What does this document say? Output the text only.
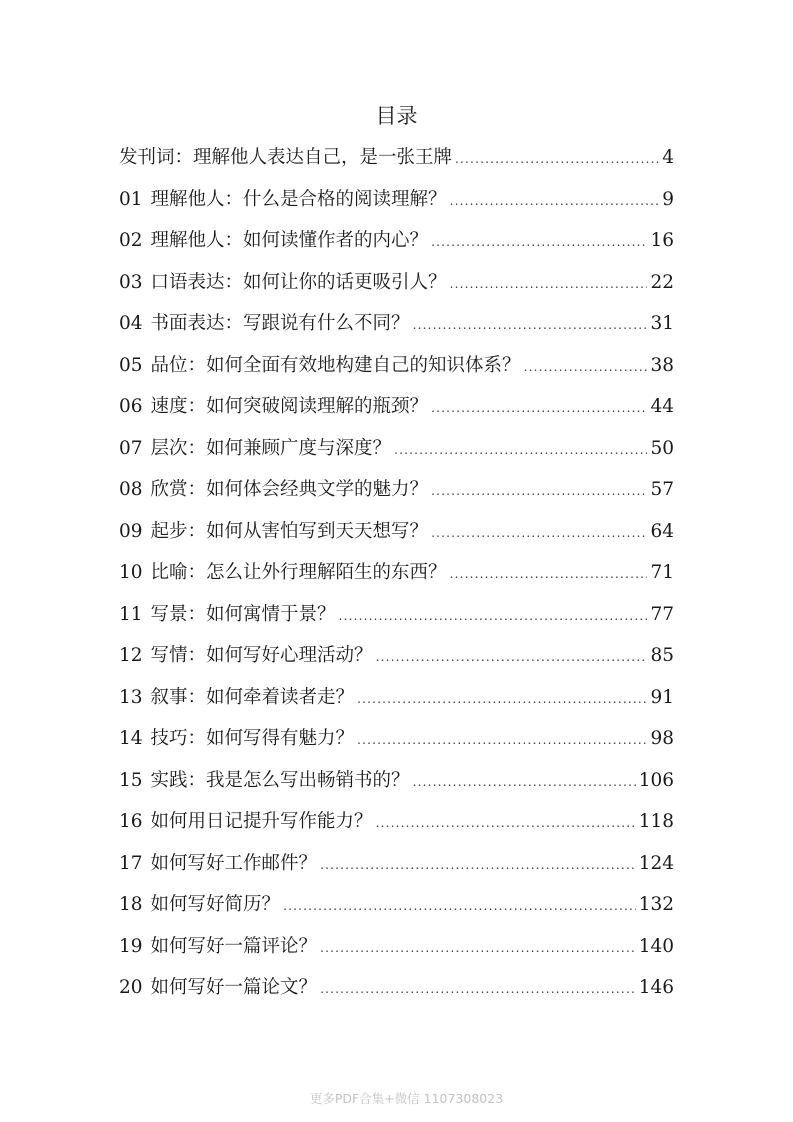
目录
发刊词：理解他人表达自己，是一张王牌 .....	4
01 理解他人：什么是合格的阅读理解？ .....	9
02 理解他人：如何读懂作者的内心？ .....	16
03 口语表达：如何让你的话更吸引人？ .....	22
04 书面表达：写跟说有什么不同？ .....	31
05 品位：如何全面有效地构建自己的知识体系？ .....	38
06 速度：如何突破阅读理解的瓶颈？ .....	44
07 层次：如何兼顾广度与深度？ .....	50
08 欣赏：如何体会经典文学的魅力？ .....	57
09 起步：如何从害怕写到天天想写？ .....	64
10 比喻：怎么让外行理解陌生的东西？ .....	71
11 写景：如何寓情于景？ .....	77
12 写情：如何写好心理活动？ .....	85
13 叙事：如何牵着读者走？ .....	91
14 技巧：如何写得有魅力？ .....	98
15 实践：我是怎么写出畅销书的？ .....	106
16 如何用日记提升写作能力？ .....	118
17 如何写好工作邮件？ .....	124
18 如何写好简历？ .....	132
19 如何写好一篇评论？ .....	140
20 如何写好一篇论文？ .....	146
更多PDF合集+微信 1107308023
